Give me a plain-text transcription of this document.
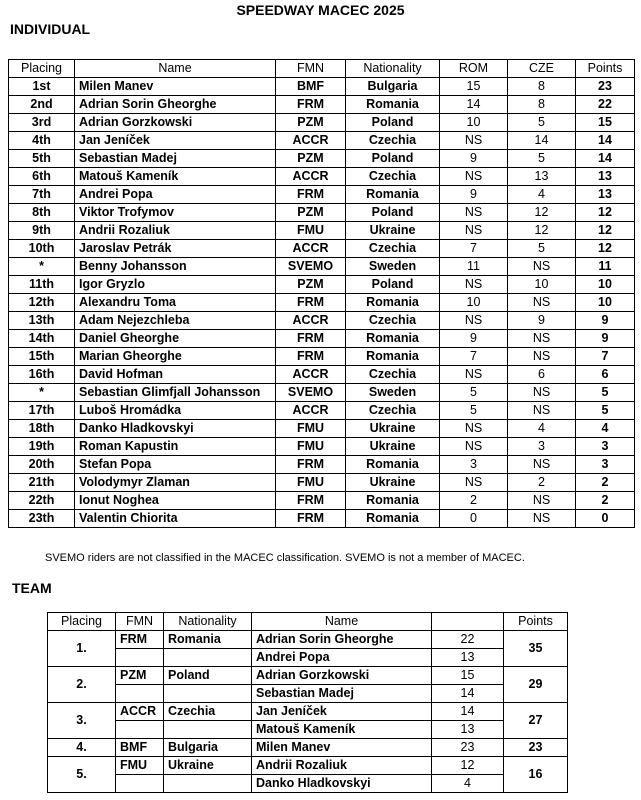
SPEEDWAY MACEC 2025
INDIVIDUAL
Placing	Name	FMN	Nationality	ROM	CZE	Points
1st	Milen Manev	BMF	Bulgaria	15	8	23
2nd	Adrian Sorin Gheorghe	FRM	Romania	14	8	22
3rd	Adrian Gorzkowski	PZM	Poland	10	5	15
4th	Jan Jeníček	ACCR	Czechia	NS	14	14
5th	Sebastian Madej	PZM	Poland	9	5	14
6th	Matouš Kameník	ACCR	Czechia	NS	13	13
7th	Andrei Popa	FRM	Romania	9	4	13
8th	Viktor Trofymov	PZM	Poland	NS	12	12
9th	Andrii Rozaliuk	FMU	Ukraine	NS	12	12
10th	Jaroslav Petrák	ACCR	Czechia	7	5	12
*	Benny Johansson	SVEMO	Sweden	11	NS	11
11th	Igor Gryzlo	PZM	Poland	NS	10	10
12th	Alexandru Toma	FRM	Romania	10	NS	10
13th	Adam Nejezchleba	ACCR	Czechia	NS	9	9
14th	Daniel Gheorghe	FRM	Romania	9	NS	9
15th	Marian Gheorghe	FRM	Romania	7	NS	7
16th	David Hofman	ACCR	Czechia	NS	6	6
*	Sebastian Glimfjall Johansson	SVEMO	Sweden	5	NS	5
17th	Luboš Hromádka	ACCR	Czechia	5	NS	5
18th	Danko Hladkovskyi	FMU	Ukraine	NS	4	4
19th	Roman Kapustin	FMU	Ukraine	NS	3	3
20th	Stefan Popa	FRM	Romania	3	NS	3
21th	Volodymyr Zlaman	FMU	Ukraine	NS	2	2
22th	Ionut Noghea	FRM	Romania	2	NS	2
23th	Valentin Chiorita	FRM	Romania	0	NS	0
SVEMO riders are not classified in the MACEC classification. SVEMO is not a member of MACEC.
TEAM
Placing	FMN	Nationality	Name		Points
1.	FRM	Romania	Adrian Sorin Gheorghe	22	35
			Andrei Popa	13	
2.	PZM	Poland	Adrian Gorzkowski	15	29
			Sebastian Madej	14	
3.	ACCR	Czechia	Jan Jeníček	14	27
			Matouš Kameník	13	
4.	BMF	Bulgaria	Milen Manev	23	23
5.	FMU	Ukraine	Andrii Rozaliuk	12	16
			Danko Hladkovskyi	4	
